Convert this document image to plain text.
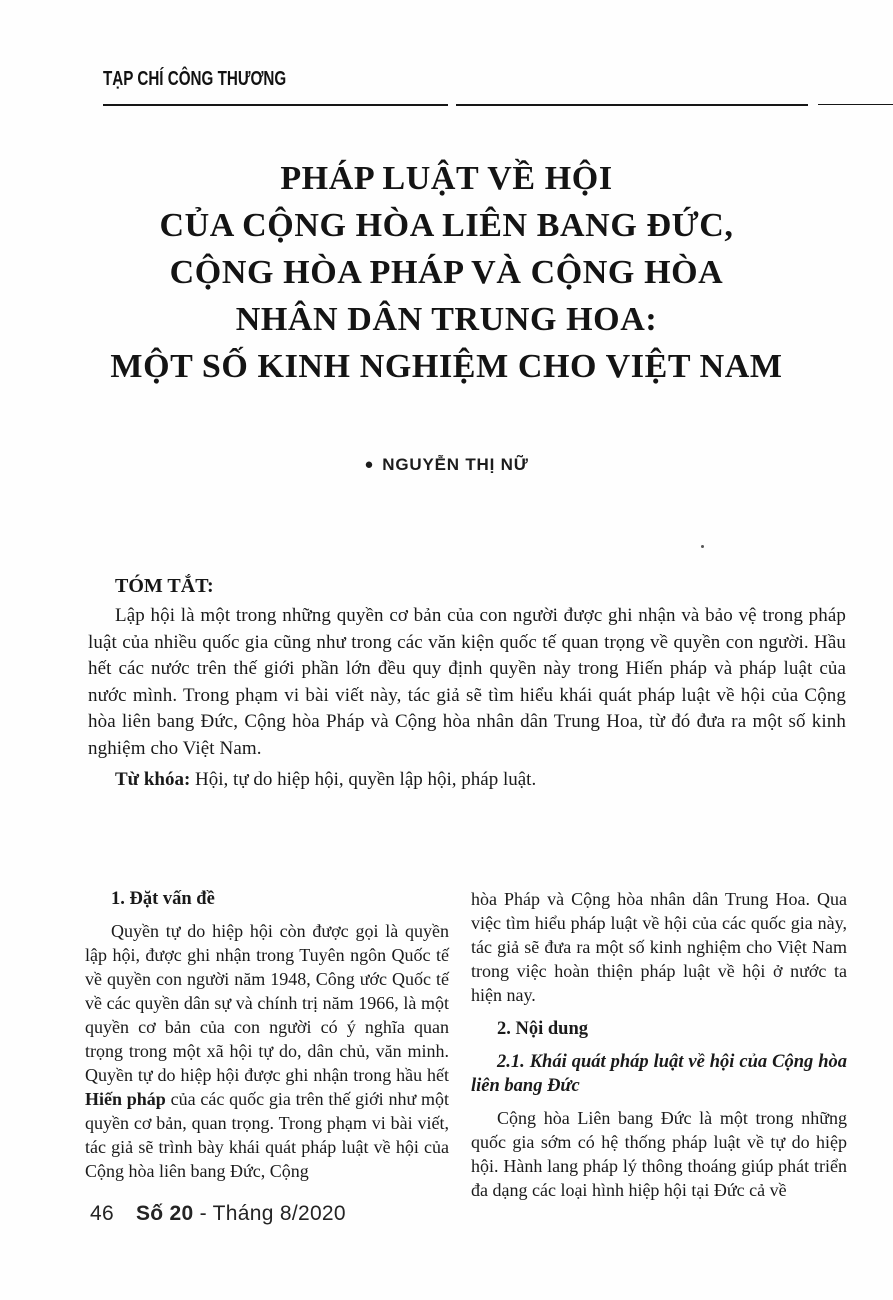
TẠP CHÍ CÔNG THƯƠNG
PHÁP LUẬT VỀ HỘI
CỦA CỘNG HÒA LIÊN BANG ĐỨC,
CỘNG HÒA PHÁP VÀ CỘNG HÒA
NHÂN DÂN TRUNG HOA:
MỘT SỐ KINH NGHIỆM CHO VIỆT NAM
● NGUYỄN THỊ NỮ
TÓM TẮT:

Lập hội là một trong những quyền cơ bản của con người được ghi nhận và bảo vệ trong pháp luật của nhiều quốc gia cũng như trong các văn kiện quốc tế quan trọng về quyền con người. Hầu hết các nước trên thế giới phần lớn đều quy định quyền này trong Hiến pháp và pháp luật của nước mình. Trong phạm vi bài viết này, tác giả sẽ tìm hiểu khái quát pháp luật về hội của Cộng hòa liên bang Đức, Cộng hòa Pháp và Cộng hòa nhân dân Trung Hoa, từ đó đưa ra một số kinh nghiệm cho Việt Nam.

Từ khóa: Hội, tự do hiệp hội, quyền lập hội, pháp luật.

1. Đặt vấn đề

Quyền tự do hiệp hội còn được gọi là quyền lập hội, được ghi nhận trong Tuyên ngôn Quốc tế về quyền con người năm 1948, Công ước Quốc tế về các quyền dân sự và chính trị năm 1966, là một quyền cơ bản của con người có ý nghĩa quan trọng trong một xã hội tự do, dân chủ, văn minh. Quyền tự do hiệp hội được ghi nhận trong hầu hết Hiến pháp của các quốc gia trên thế giới như một quyền cơ bản, quan trọng. Trong phạm vi bài viết, tác giả sẽ trình bày khái quát pháp luật về hội của Cộng hòa liên bang Đức, Cộng

hòa Pháp và Cộng hòa nhân dân Trung Hoa. Qua việc tìm hiểu pháp luật về hội của các quốc gia này, tác giả sẽ đưa ra một số kinh nghiệm cho Việt Nam trong việc hoàn thiện pháp luật về hội ở nước ta hiện nay.

2. Nội dung
2.1. Khái quát pháp luật về hội của Cộng hòa liên bang Đức

Cộng hòa Liên bang Đức là một trong những quốc gia sớm có hệ thống pháp luật về tự do hiệp hội. Hành lang pháp lý thông thoáng giúp phát triển đa dạng các loại hình hiệp hội tại Đức cả về

46 Số 20 - Tháng 8/2020
